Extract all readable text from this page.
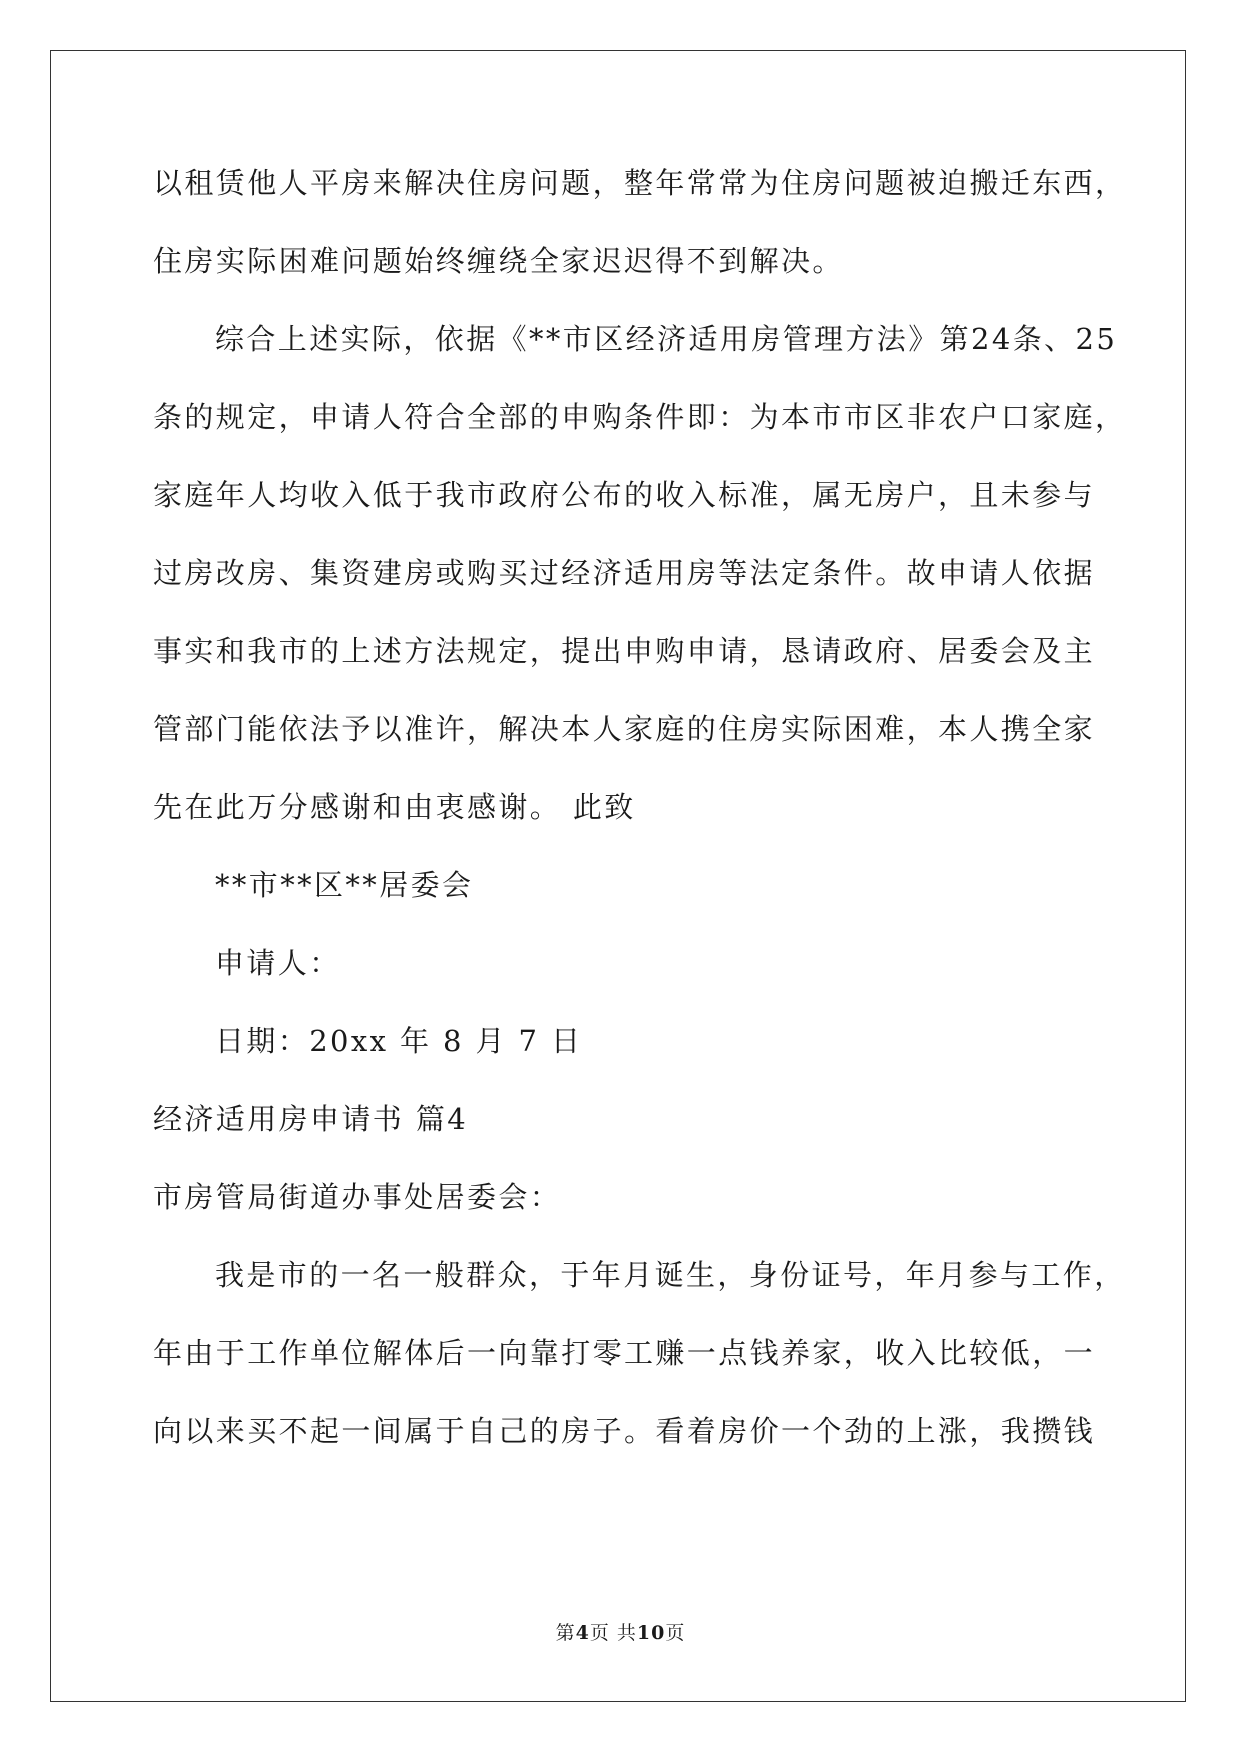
以租赁他人平房来解决住房问题，整年常常为住房问题被迫搬迁东西，
住房实际困难问题始终缠绕全家迟迟得不到解决。
综合上述实际，依据《**市区经济适用房管理方法》第24条、25
条的规定，申请人符合全部的申购条件即：为本市市区非农户口家庭，
家庭年人均收入低于我市政府公布的收入标准，属无房户，且未参与
过房改房、集资建房或购买过经济适用房等法定条件。故申请人依据
事实和我市的上述方法规定，提出申购申请，恳请政府、居委会及主
管部门能依法予以准许，解决本人家庭的住房实际困难，本人携全家
先在此万分感谢和由衷感谢。 此致
**市**区**居委会
申请人：
日期：20xx 年 8 月 7 日
经济适用房申请书 篇4
市房管局街道办事处居委会：
我是市的一名一般群众，于年月诞生，身份证号，年月参与工作，
年由于工作单位解体后一向靠打零工赚一点钱养家，收入比较低，一
向以来买不起一间属于自己的房子。看着房价一个劲的上涨，我攒钱
第4页 共10页
